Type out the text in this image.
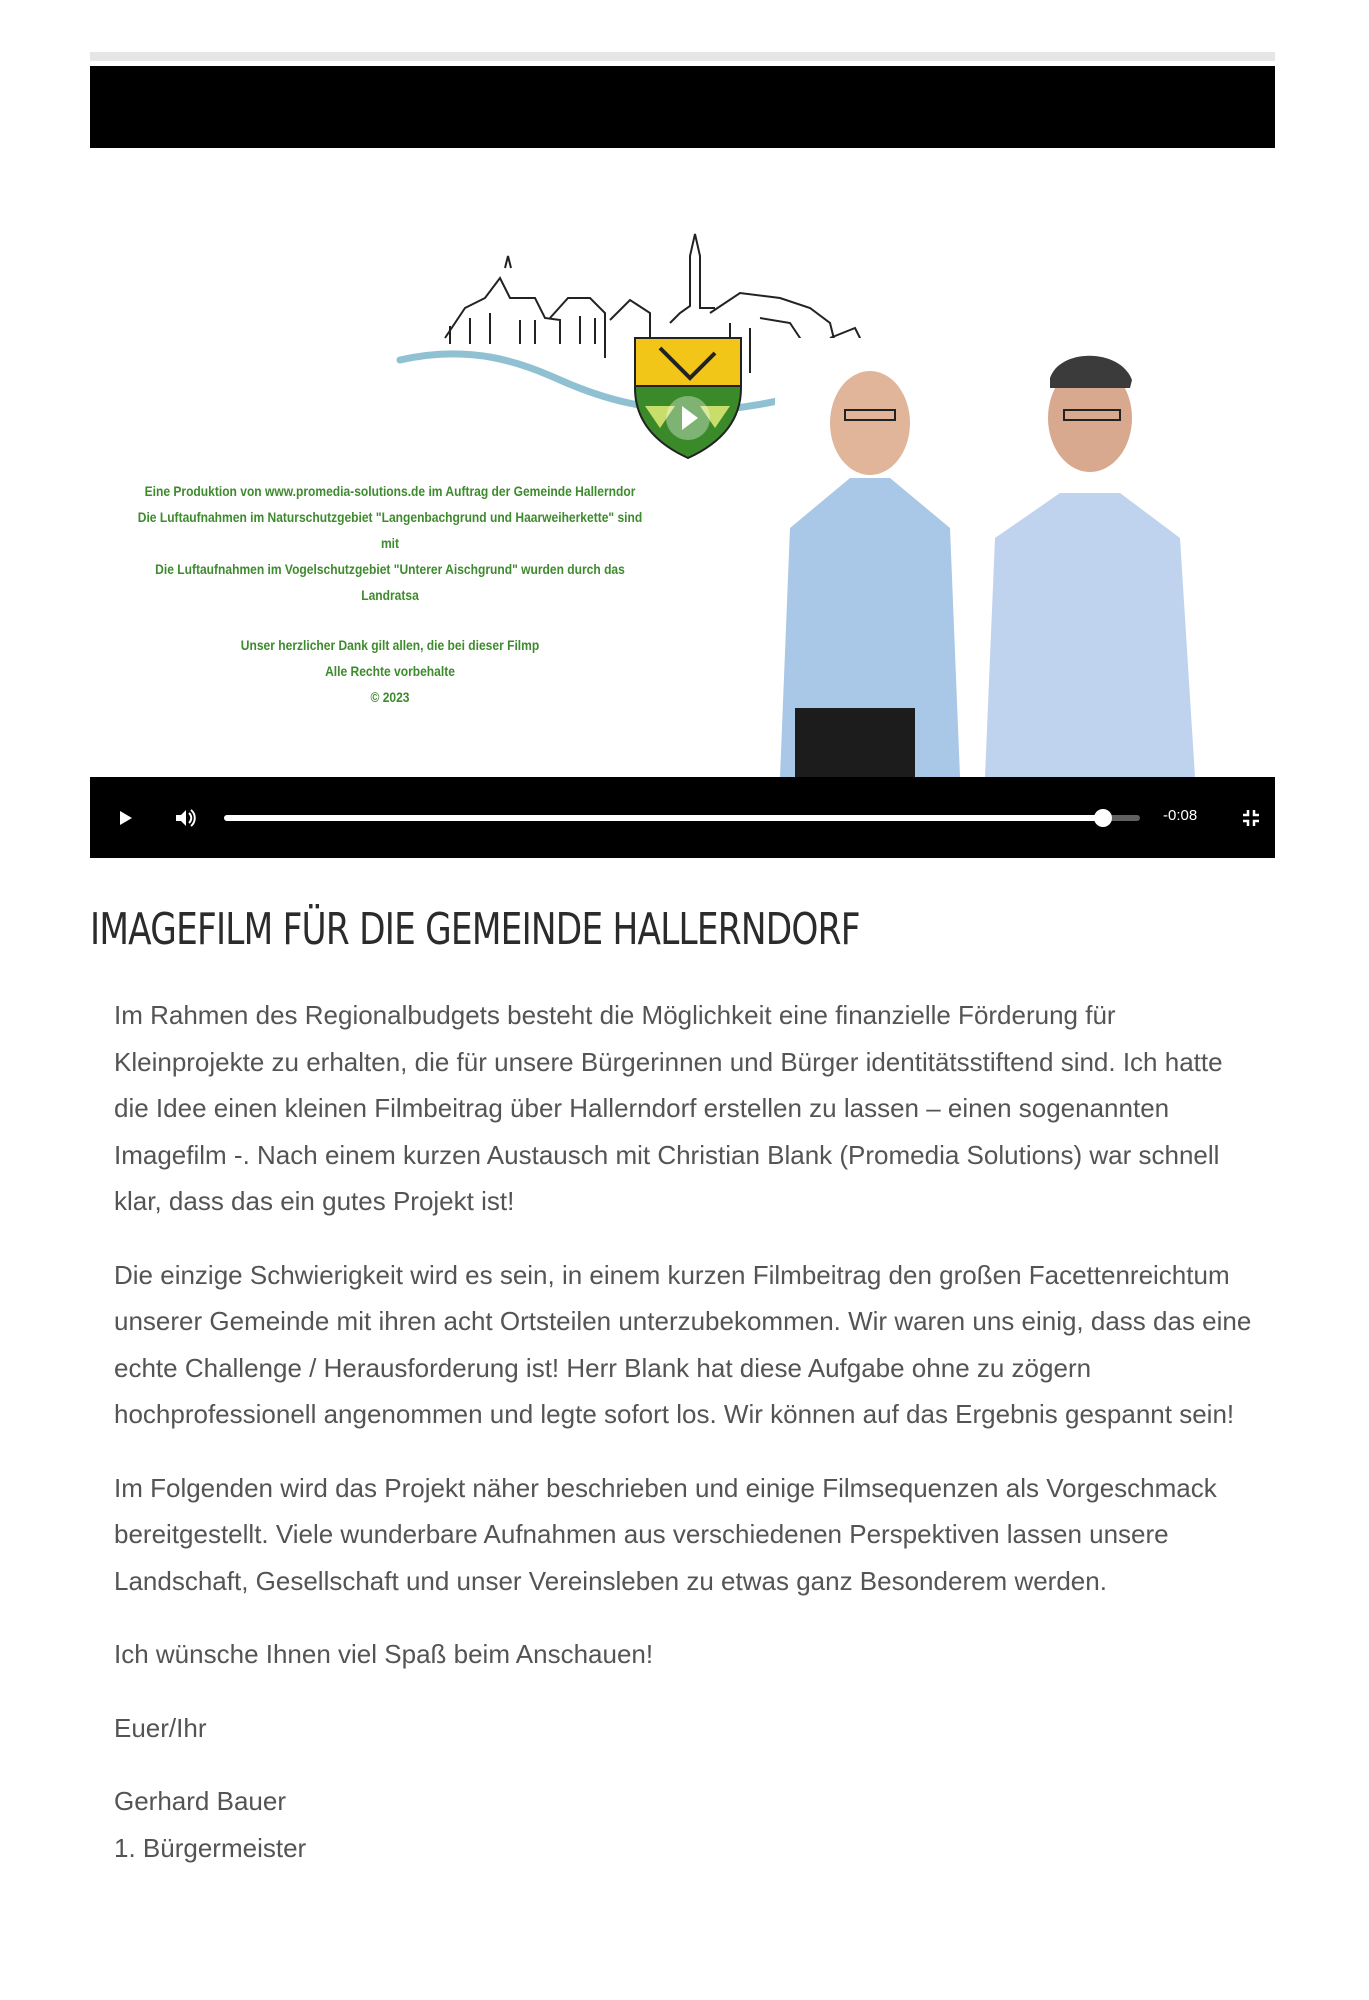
Eine Produktion von www.promedia-solutions.de im Auftrag der Gemeinde Hallerndor
Die Luftaufnahmen im Naturschutzgebiet "Langenbachgrund und Haarweiherkette" sind mit
Die Luftaufnahmen im Vogelschutzgebiet "Unterer Aischgrund" wurden durch das Landratsa
Unser herzlicher Dank gilt allen, die bei dieser Filmp
Alle Rechte vorbehalte
© 2023
-0:08
IMAGEFILM FÜR DIE GEMEINDE HALLERNDORF

Im Rahmen des Regionalbudgets besteht die Möglichkeit eine finanzielle Förderung für Kleinprojekte zu erhalten, die für unsere Bürgerinnen und Bürger identitätsstiftend sind. Ich hatte die Idee einen kleinen Filmbeitrag über Hallerndorf erstellen zu lassen – einen sogenannten Imagefilm -. Nach einem kurzen Austausch mit Christian Blank (Promedia Solutions) war schnell klar, dass das ein gutes Projekt ist!

Die einzige Schwierigkeit wird es sein, in einem kurzen Filmbeitrag den großen Facettenreichtum unserer Gemeinde mit ihren acht Ortsteilen unterzubekommen. Wir waren uns einig, dass das eine echte Challenge / Herausforderung ist! Herr Blank hat diese Aufgabe ohne zu zögern hochprofessionell angenommen und legte sofort los. Wir können auf das Ergebnis gespannt sein!

Im Folgenden wird das Projekt näher beschrieben und einige Filmsequenzen als Vorgeschmack bereitgestellt. Viele wunderbare Aufnahmen aus verschiedenen Perspektiven lassen unsere Landschaft, Gesellschaft und unser Vereinsleben zu etwas ganz Besonderem werden.

Ich wünsche Ihnen viel Spaß beim Anschauen!

Euer/Ihr

Gerhard Bauer

1. Bürgermeister
